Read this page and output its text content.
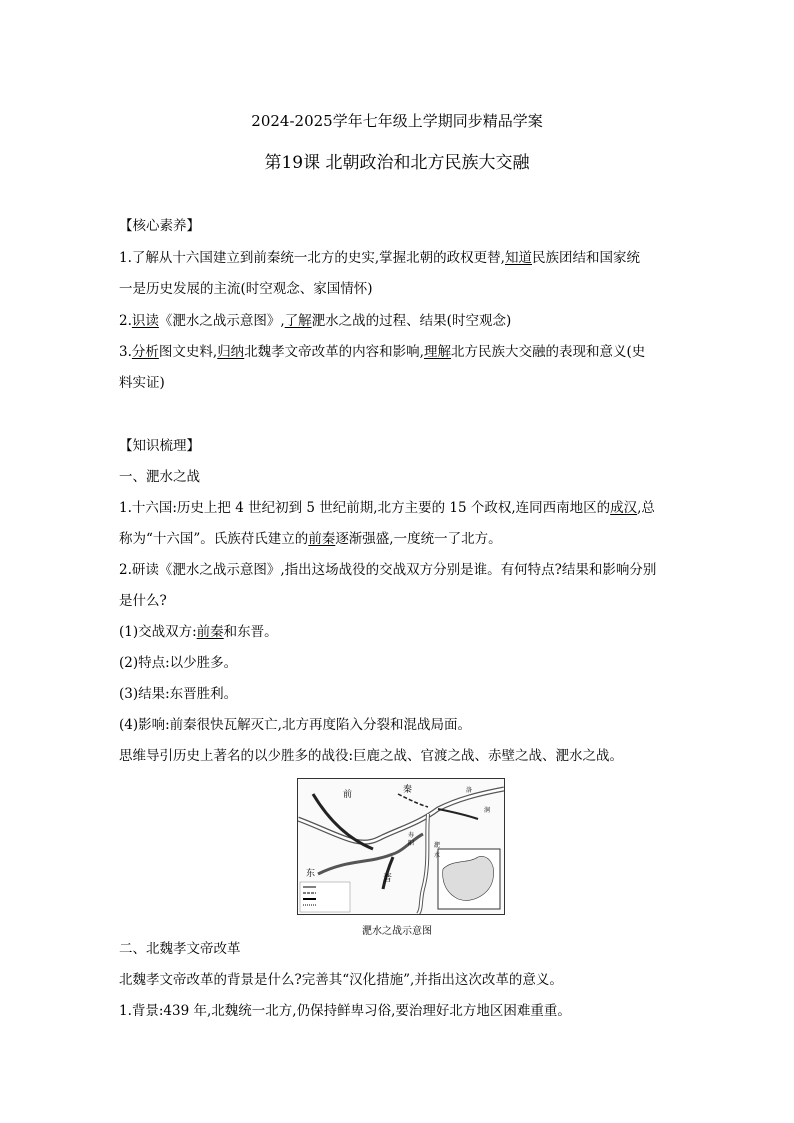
2024-2025学年七年级上学期同步精品学案
第19课 北朝政治和北方民族大交融
【核心素养】
1.了解从十六国建立到前秦统一北方的史实,掌握北朝的政权更替,知道民族团结和国家统
一是历史发展的主流(时空观念、家国情怀)
2.识读《淝水之战示意图》,了解淝水之战的过程、结果(时空观念)
3.分析图文史料,归纳北魏孝文帝改革的内容和影响,理解北方民族大交融的表现和意义(史
料实证)
【知识梳理】
一、淝水之战
1.十六国:历史上把 4 世纪初到 5 世纪前期,北方主要的 15 个政权,连同西南地区的成汉,总
称为“十六国”。氏族苻氏建立的前秦逐渐强盛,一度统一了北方。
2.研读《淝水之战示意图》,指出这场战役的交战双方分别是谁。有何特点?结果和影响分别
是什么?
(1)交战双方:前秦和东晋。
(2)特点:以少胜多。
(3)结果:东晋胜利。
(4)影响:前秦很快瓦解灭亡,北方再度陷入分裂和混战局面。
思维导引历史上著名的以少胜多的战役:巨鹿之战、官渡之战、赤壁之战、淝水之战。
前	秦
东	晋
洛
涧
淝
水
寿
阳
淝水之战示意图
二、北魏孝文帝改革
北魏孝文帝改革的背景是什么?完善其“汉化措施”,并指出这次改革的意义。
1.背景:439 年,北魏统一北方,仍保持鲜卑习俗,要治理好北方地区困难重重。
